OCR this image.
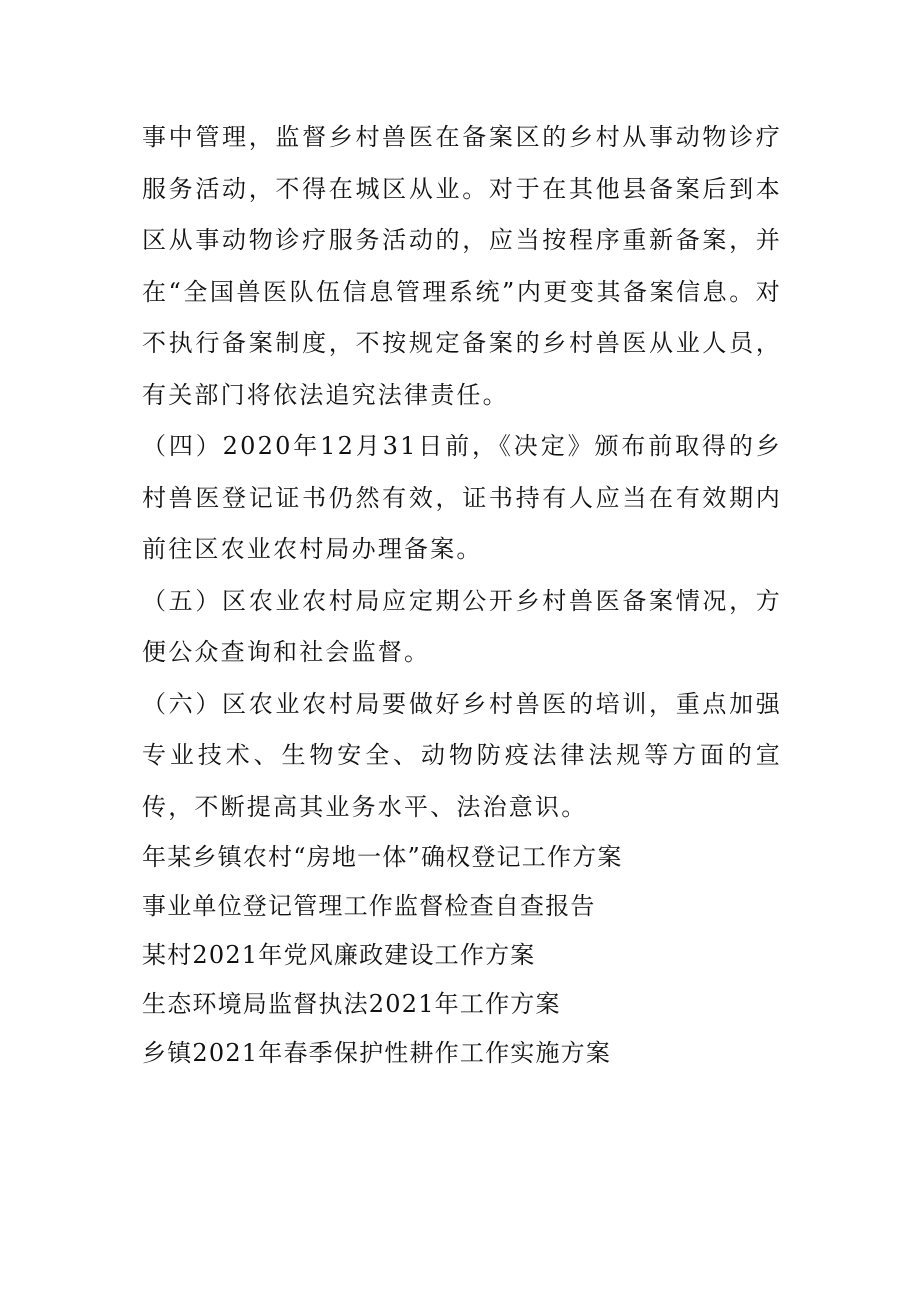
事中管理，监督乡村兽医在备案区的乡村从事动物诊疗服务活动，不得在城区从业。对于在其他县备案后到本区从事动物诊疗服务活动的，应当按程序重新备案，并在“全国兽医队伍信息管理系统”内更变其备案信息。对不执行备案制度，不按规定备案的乡村兽医从业人员，有关部门将依法追究法律责任。

（四）2020年12月31日前，《决定》颁布前取得的乡村兽医登记证书仍然有效，证书持有人应当在有效期内前往区农业农村局办理备案。

（五）区农业农村局应定期公开乡村兽医备案情况，方便公众查询和社会监督。

（六）区农业农村局要做好乡村兽医的培训，重点加强专业技术、生物安全、动物防疫法律法规等方面的宣传，不断提高其业务水平、法治意识。

年某乡镇农村“房地一体”确权登记工作方案
事业单位登记管理工作监督检查自查报告
某村2021年党风廉政建设工作方案
生态环境局监督执法2021年工作方案
乡镇2021年春季保护性耕作工作实施方案
